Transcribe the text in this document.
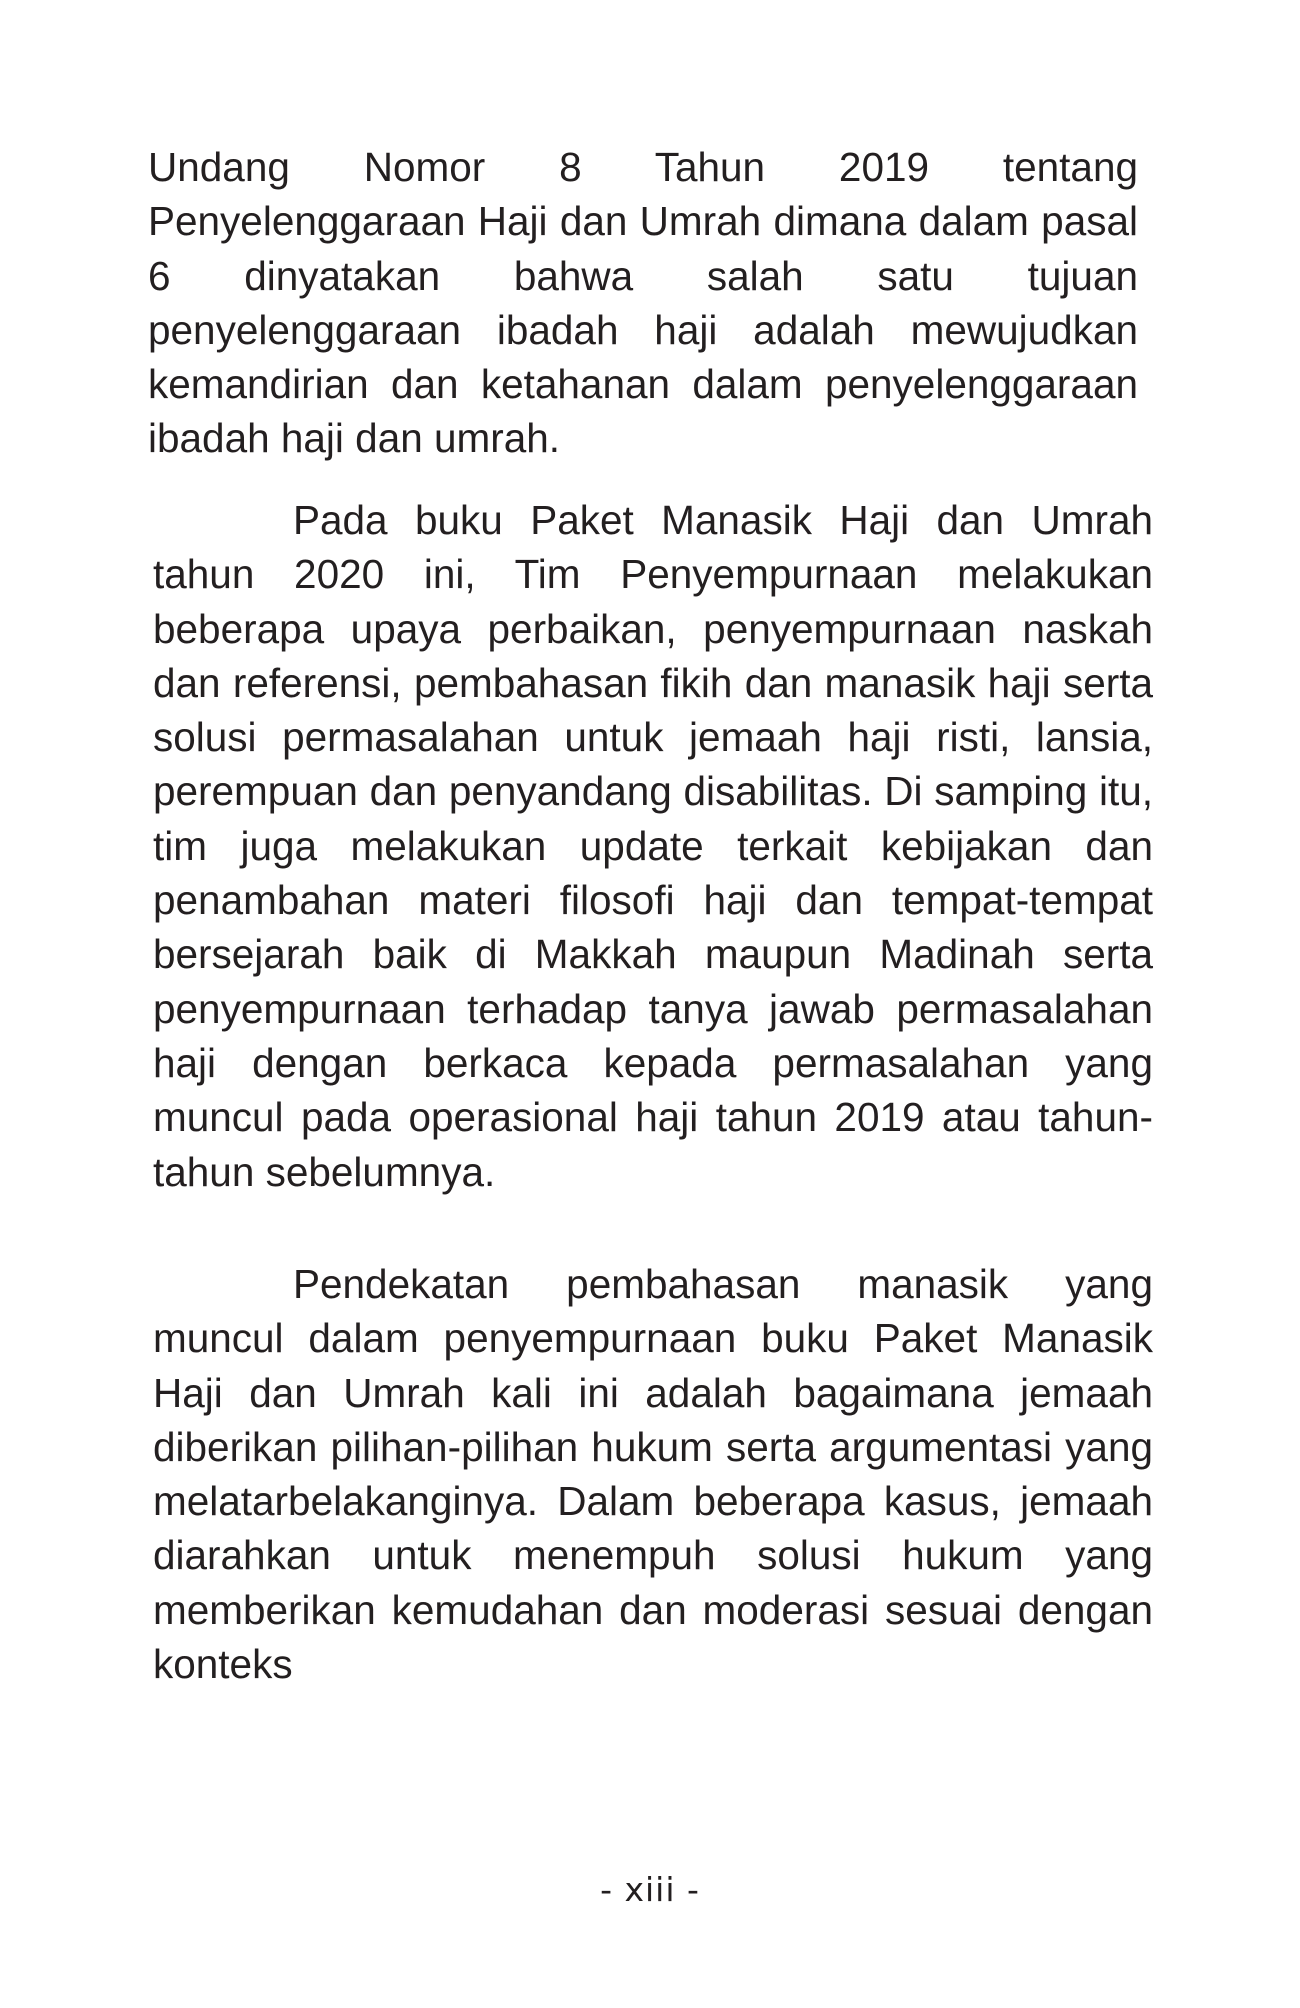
Undang Nomor 8 Tahun 2019 tentang Penyelenggaraan Haji dan Umrah dimana dalam pasal 6 dinyatakan bahwa salah satu tujuan penyelenggaraan ibadah haji adalah mewujudkan kemandirian dan ketahanan dalam penyelenggaraan ibadah haji dan umrah.

Pada buku Paket Manasik Haji dan Umrah tahun 2020 ini, Tim Penyempurnaan melakukan beberapa upaya perbaikan, penyempurnaan naskah dan referensi, pembahasan fikih dan manasik haji serta solusi permasalahan untuk jemaah haji risti, lansia, perempuan dan penyandang disabilitas. Di samping itu, tim juga melakukan update terkait kebijakan dan penambahan materi filosofi haji dan tempat-tempat bersejarah baik di Makkah maupun Madinah serta penyempurnaan terhadap tanya jawab permasalahan haji dengan berkaca kepada permasalahan yang muncul pada operasional haji tahun 2019 atau tahun-tahun sebelumnya.

Pendekatan pembahasan manasik yang muncul dalam penyempurnaan buku Paket Manasik Haji dan Umrah kali ini adalah bagaimana jemaah diberikan pilihan-pilihan hukum serta argumentasi yang melatarbelakanginya. Dalam beberapa kasus, jemaah diarahkan untuk menempuh solusi hukum yang memberikan kemudahan dan moderasi sesuai dengan konteks

- xiii -
